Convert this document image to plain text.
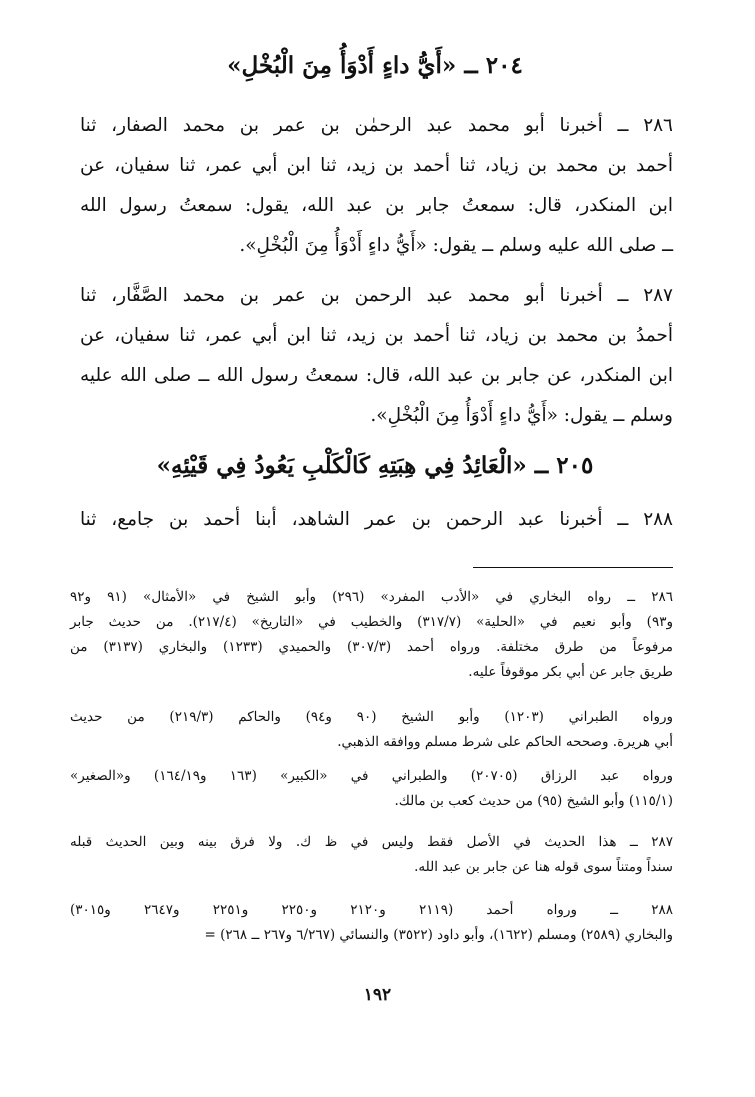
٢٠٤ ــ «أَيُّ داءٍ أَدْوَأُ مِنَ الْبُخْلِ»
٢٨٦ ــ أخبرنا أبو محمد عبد الرحمٰن بن عمر بن محمد الصفار، ثنا
أحمد بن محمد بن زياد، ثنا أحمد بن زيد، ثنا ابن أبي عمر، ثنا سفيان، عن
ابن المنكدر، قال: سمعتُ جابر بن عبد الله، يقول: سمعتُ رسول الله
ــ صلى الله عليه وسلم ــ يقول: «أَيُّ داءٍ أَدْوَأُ مِنَ الْبُخْلِ».
٢٨٧ ــ أخبرنا أبو محمد عبد الرحمن بن عمر بن محمد الصَّفَّار، ثنا
أحمدُ بن محمد بن زياد، ثنا أحمد بن زيد، ثنا ابن أبي عمر، ثنا سفيان، عن
ابن المنكدر، عن جابر بن عبد الله، قال: سمعتُ رسول الله ــ صلى الله عليه
وسلم ــ يقول: «أَيُّ داءٍ أَدْوَأُ مِنَ الْبُخْلِ».
٢٠٥ ــ «الْعَائِدُ فِي هِبَتِهِ كَالْكَلْبِ يَعُودُ فِي قَيْئِهِ»
٢٨٨ ــ أخبرنا عبد الرحمن بن عمر الشاهد، أبنا أحمد بن جامع، ثنا
٢٨٦ ــ رواه البخاري في «الأدب المفرد» (٢٩٦) وأبو الشيخ في «الأمثال» (٩١ و٩٢
و٩٣) وأبو نعيم في «الحلية» (٣١٧/٧) والخطيب في «التاريخ» (٢١٧/٤). من حديث جابر
مرفوعاً من طرق مختلفة. ورواه أحمد (٣٠٧/٣) والحميدي (١٢٣٣) والبخاري (٣١٣٧) من
طريق جابر عن أبي بكر موقوفاً عليه.
ورواه الطبراني (١٢٠٣) وأبو الشيخ (٩٠ و٩٤) والحاكم (٢١٩/٣) من حديث
أبي هريرة. وصححه الحاكم على شرط مسلم ووافقه الذهبي.
ورواه عبد الرزاق (٢٠٧٠٥) والطبراني في «الكبير» (١٦٣ و١٦٤/١٩) و«الصغير»
(١١٥/١) وأبو الشيخ (٩٥) من حديث كعب بن مالك.
٢٨٧ ــ هذا الحديث في الأصل فقط وليس في ظ ك. ولا فرق بينه وبين الحديث قبله
سنداً ومتناً سوى قوله هنا عن جابر بن عبد الله.
٢٨٨ ــ ورواه أحمد (٢١١٩ و٢١٢٠ و٢٢٥٠ و٢٢٥١ و٢٦٤٧ و٣٠١٥)
والبخاري (٢٥٨٩) ومسلم (١٦٢٢)، وأبو داود (٣٥٢٢) والنسائي (٦/٢٦٧ و٢٦٧ ــ ٢٦٨) =
١٩٢
